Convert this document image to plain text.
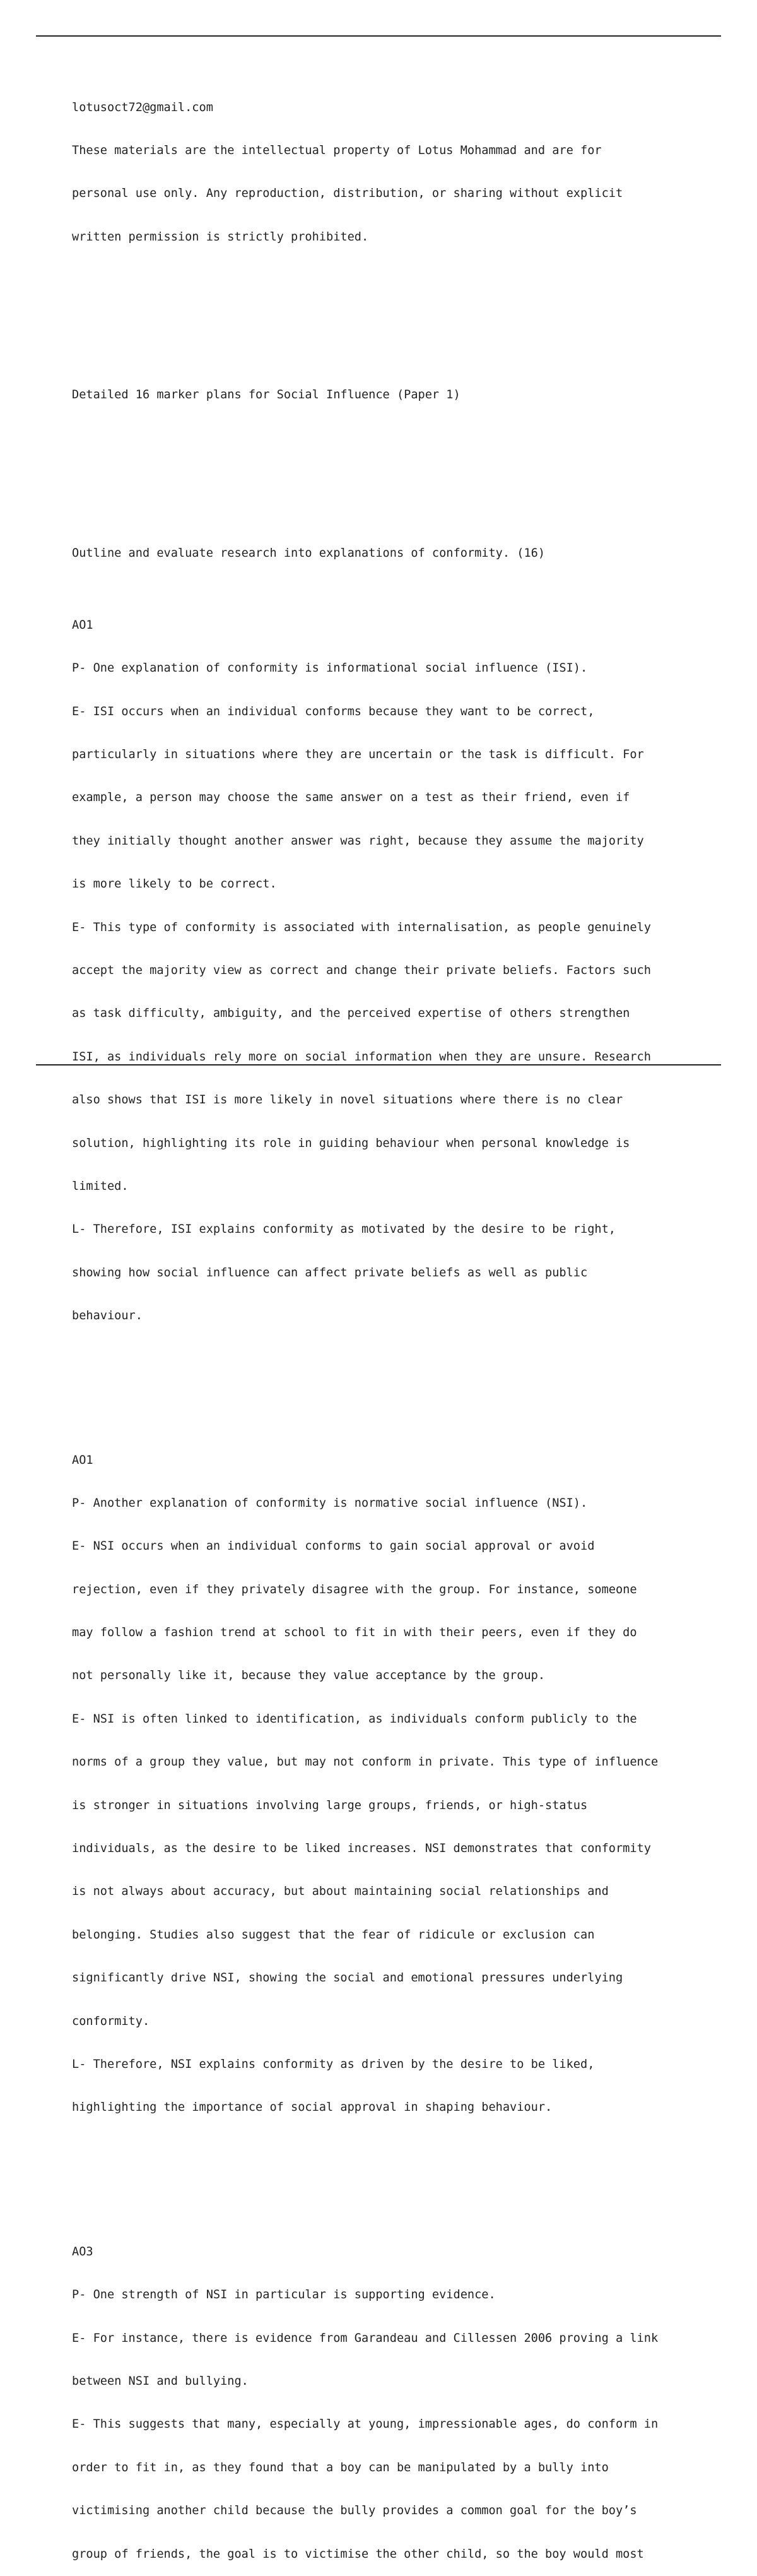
lotusoct72@gmail.com

These materials are the intellectual property of Lotus Mohammad and are for

personal use only. Any reproduction, distribution, or sharing without explicit

written permission is strictly prohibited.

Detailed 16 marker plans for Social Influence (Paper 1)

Outline and evaluate research into explanations of conformity. (16)

AO1

P- One explanation of conformity is informational social influence (ISI).

E- ISI occurs when an individual conforms because they want to be correct,

particularly in situations where they are uncertain or the task is difficult. For

example, a person may choose the same answer on a test as their friend, even if

they initially thought another answer was right, because they assume the majority

is more likely to be correct.

E- This type of conformity is associated with internalisation, as people genuinely

accept the majority view as correct and change their private beliefs. Factors such

as task difficulty, ambiguity, and the perceived expertise of others strengthen

ISI, as individuals rely more on social information when they are unsure. Research

also shows that ISI is more likely in novel situations where there is no clear

solution, highlighting its role in guiding behaviour when personal knowledge is

limited.

L- Therefore, ISI explains conformity as motivated by the desire to be right,

showing how social influence can affect private beliefs as well as public

behaviour.

AO1

P- Another explanation of conformity is normative social influence (NSI).

E- NSI occurs when an individual conforms to gain social approval or avoid

rejection, even if they privately disagree with the group. For instance, someone

may follow a fashion trend at school to fit in with their peers, even if they do

not personally like it, because they value acceptance by the group.

E- NSI is often linked to identification, as individuals conform publicly to the

norms of a group they value, but may not conform in private. This type of influence

is stronger in situations involving large groups, friends, or high-status

individuals, as the desire to be liked increases. NSI demonstrates that conformity

is not always about accuracy, but about maintaining social relationships and

belonging. Studies also suggest that the fear of ridicule or exclusion can

significantly drive NSI, showing the social and emotional pressures underlying

conformity.

L- Therefore, NSI explains conformity as driven by the desire to be liked,

highlighting the importance of social approval in shaping behaviour.

AO3

P- One strength of NSI in particular is supporting evidence.

E- For instance, there is evidence from Garandeau and Cillessen 2006 proving a link

between NSI and bullying.

E- This suggests that many, especially at young, impressionable ages, do conform in

order to fit in, as they found that a boy can be manipulated by a bully into

victimising another child because the bully provides a common goal for the boy’s

group of friends, the goal is to victimise the other child, so the boy would most
